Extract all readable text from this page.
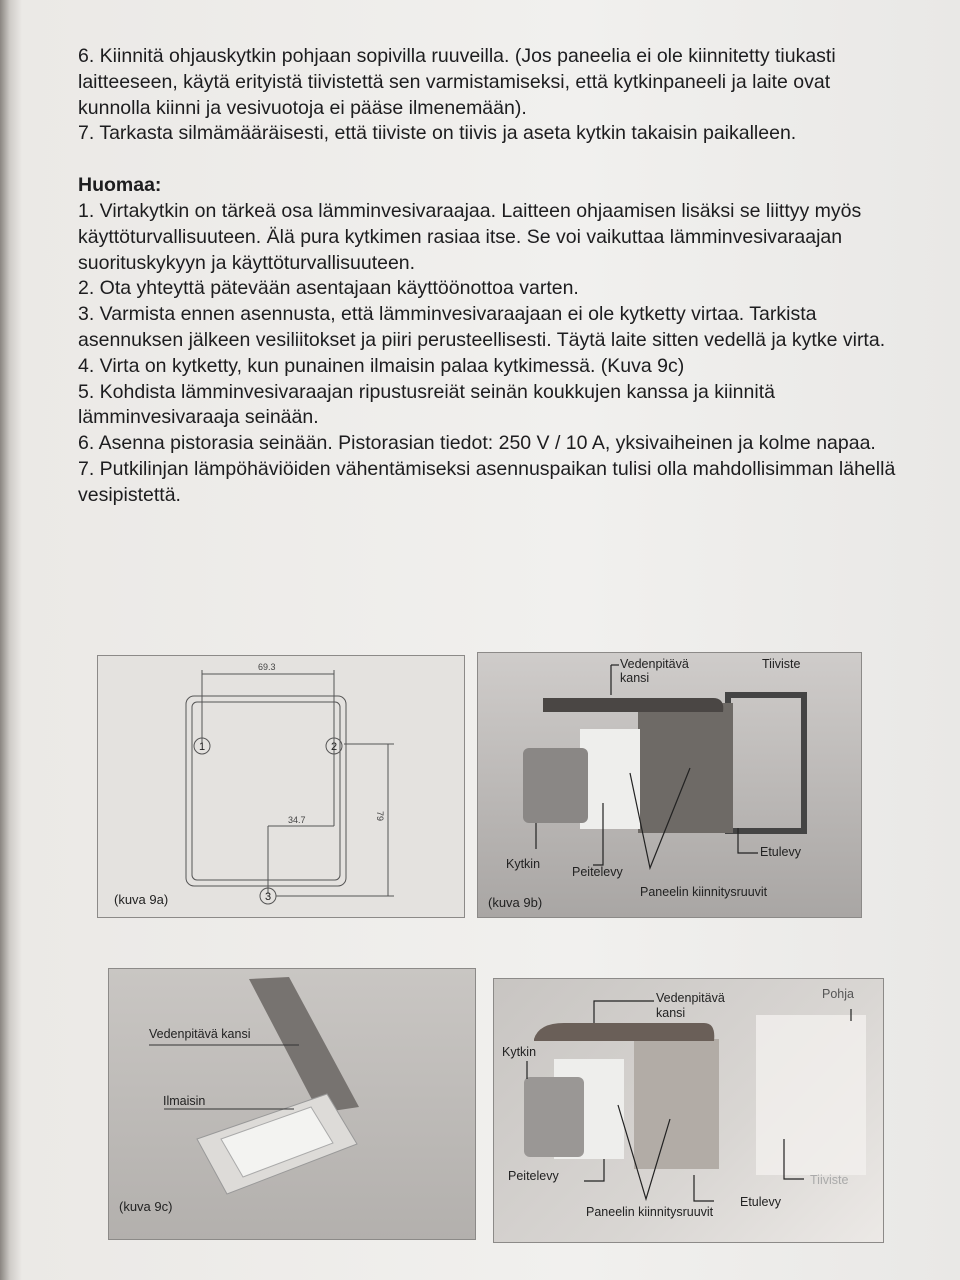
6. Kiinnitä ohjauskytkin pohjaan sopivilla ruuveilla. (Jos paneelia ei ole kiinnitetty tiukasti laitteeseen, käytä erityistä tiivistettä sen varmistamiseksi, että kytkinpaneeli ja laite ovat kunnolla kiinni ja vesivuotoja ei pääse ilmenemään).

7. Tarkasta silmämääräisesti, että tiiviste on tiivis ja aseta kytkin takaisin paikalleen.

Huomaa:

1. Virtakytkin on tärkeä osa lämminvesivaraajaa. Laitteen ohjaamisen lisäksi se liittyy myös käyttöturvallisuuteen. Älä pura kytkimen rasiaa itse. Se voi vaikuttaa lämminvesivaraajan suorituskykyyn ja käyttöturvallisuuteen.

2. Ota yhteyttä pätevään asentajaan käyttöönottoa varten.

3. Varmista ennen asennusta, että lämminvesivaraajaan ei ole kytketty virtaa. Tarkista asennuksen jälkeen vesiliitokset ja piiri perusteellisesti. Täytä laite sitten vedellä ja kytke virta.

4. Virta on kytketty, kun punainen ilmaisin palaa kytkimessä. (Kuva 9c)

5. Kohdista lämminvesivaraajan ripustusreiät seinän koukkujen kanssa ja kiinnitä lämminvesivaraaja seinään.

6. Asenna pistorasia seinään. Pistorasian tiedot: 250 V / 10 A, yksivaiheinen ja kolme napaa.

7. Putkilinjan lämpöhäviöiden vähentämiseksi asennuspaikan tulisi olla mahdollisimman lähellä vesipistettä.

69.3
34.7	79
1	2
3
(kuva 9a)
Vedenpitävä kansi
Tiiviste
Kytkin
Peitelevy
Paneelin kiinnitysruuvit
Etulevy
(kuva 9b)
Vedenpitävä kansi
Ilmaisin
(kuva 9c)
Vedenpitävä kansi
Pohja
Kytkin
Peitelevy
Paneelin kiinnitysruuvit
Etulevy
Tiiviste
